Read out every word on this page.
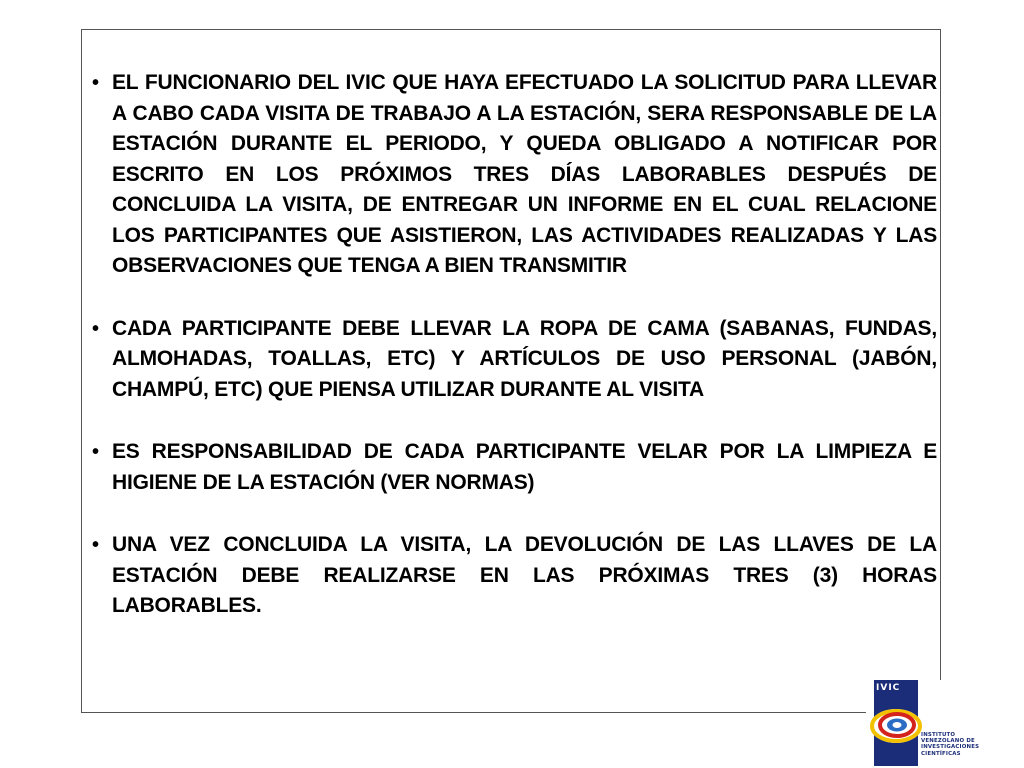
• EL FUNCIONARIO DEL IVIC QUE HAYA EFECTUADO LA SOLICITUD PARA LLEVAR A CABO CADA VISITA DE TRABAJO A LA ESTACIÓN, SERA RESPONSABLE DE LA ESTACIÓN DURANTE EL PERIODO, Y QUEDA OBLIGADO A NOTIFICAR POR ESCRITO EN LOS PRÓXIMOS TRES DÍAS LABORABLES DESPUÉS DE CONCLUIDA LA VISITA, DE ENTREGAR UN INFORME EN EL CUAL RELACIONE LOS PARTICIPANTES QUE ASISTIERON, LAS ACTIVIDADES REALIZADAS Y LAS OBSERVACIONES QUE TENGA A BIEN TRANSMITIR

• CADA PARTICIPANTE DEBE LLEVAR LA ROPA DE CAMA (SABANAS, FUNDAS, ALMOHADAS, TOALLAS, ETC) Y ARTÍCULOS DE USO PERSONAL (JABÓN, CHAMPÚ, ETC) QUE PIENSA UTILIZAR DURANTE AL VISITA

• ES RESPONSABILIDAD DE CADA PARTICIPANTE VELAR POR LA LIMPIEZA E HIGIENE DE LA ESTACIÓN (VER NORMAS)

• UNA VEZ CONCLUIDA LA VISITA, LA DEVOLUCIÓN DE LAS LLAVES DE LA ESTACIÓN DEBE REALIZARSE EN LAS PRÓXIMAS TRES (3) HORAS LABORABLES.

IVIC

INSTITUTO VENEZOLANO DE INVESTIGACIONES CIENTÍFICAS
